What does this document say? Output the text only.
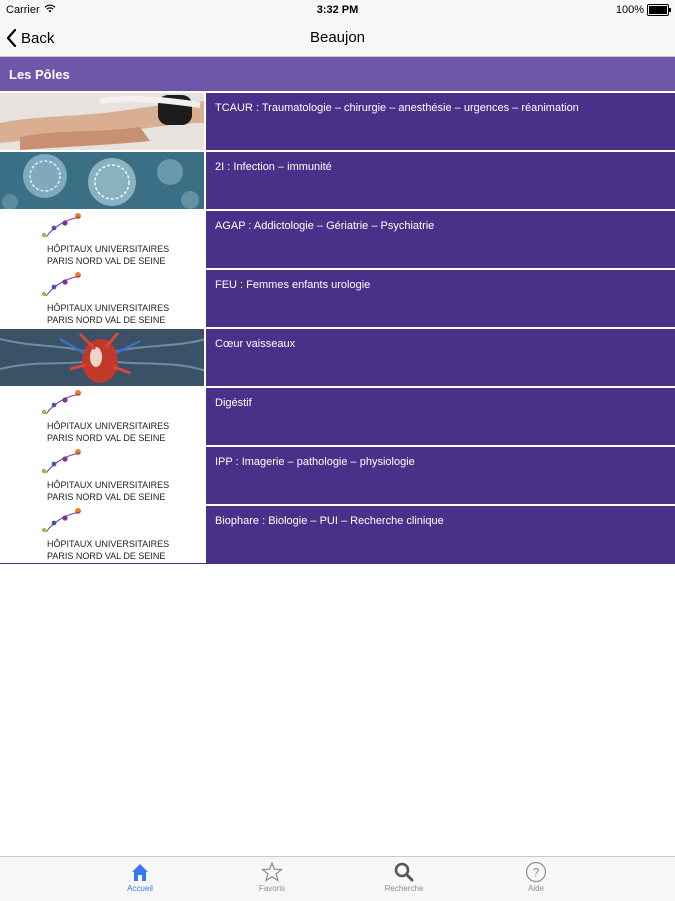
Carrier	3:32 PM	100%
Back	Beaujon
Les Pôles
TCAUR : Traumatologie – chirurgie – anesthésie – urgences – réanimation
2I : Infection – immunité
HÔPITAUX UNIVERSITAIRES
PARIS NORD VAL DE SEINE
AGAP : Addictologie – Gériatrie – Psychiatrie
HÔPITAUX UNIVERSITAIRES
PARIS NORD VAL DE SEINE
FEU : Femmes enfants urologie
Cœur vaisseaux
HÔPITAUX UNIVERSITAIRES
PARIS NORD VAL DE SEINE
Digéstif
HÔPITAUX UNIVERSITAIRES
PARIS NORD VAL DE SEINE
IPP : Imagerie – pathologie – physiologie
HÔPITAUX UNIVERSITAIRES
PARIS NORD VAL DE SEINE
Biophare : Biologie – PUI – Recherche clinique
Accueil	Favoris	Recherche
?
Aide
